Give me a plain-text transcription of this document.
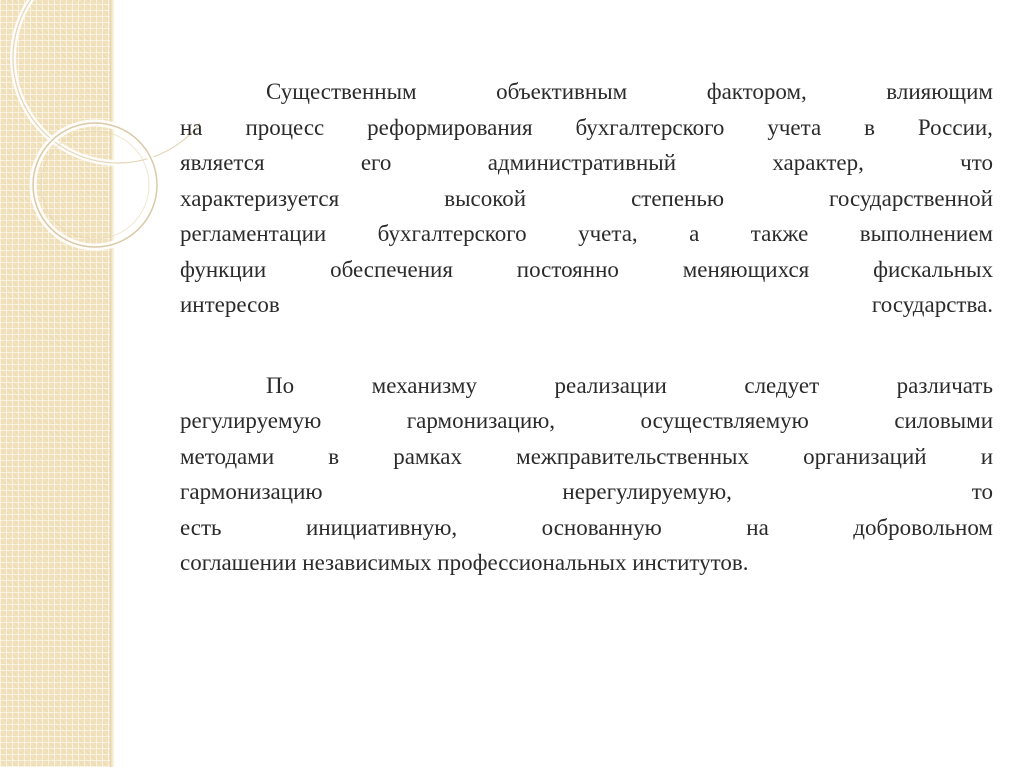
Существенным	объективным	фактором,	влияющим
на процесс реформирования бухгалтерского учета в России,
является	его	административный	характер,	что
характеризуется	высокой	степенью	государственной
регламентации бухгалтерского учета, а также выполнением
функции	обеспечения	постоянно	меняющихся	фискальных
интересов	государства.
По	механизму	реализации	следует	различать
регулируемую	гармонизацию,	осуществляемую	силовыми
методами в рамках межправительственных организаций и
гармонизацию	нерегулируемую,	то
есть	инициативную,	основанную	на	добровольном
соглашении независимых профессиональных институтов.
